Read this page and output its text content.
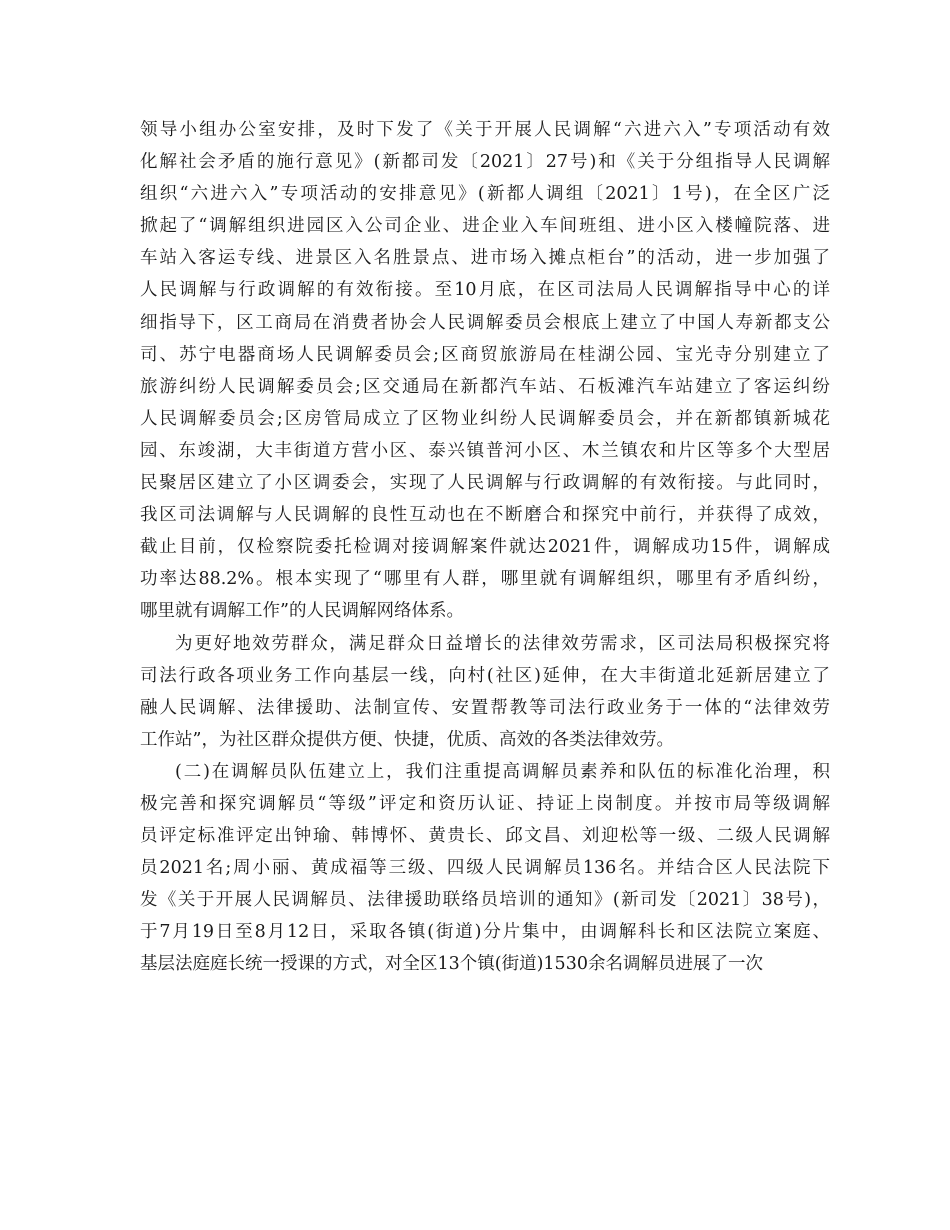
领导小组办公室安排，及时下发了《关于开展人民调解“六进六入”专项活动有效
化解社会矛盾的施行意见》(新都司发〔2021〕27号)和《关于分组指导人民调解
组织“六进六入”专项活动的安排意见》(新都人调组〔2021〕1号)，在全区广泛
掀起了“调解组织进园区入公司企业、进企业入车间班组、进小区入楼幢院落、进
车站入客运专线、进景区入名胜景点、进市场入摊点柜台”的活动，进一步加强了
人民调解与行政调解的有效衔接。至10月底，在区司法局人民调解指导中心的详
细指导下，区工商局在消费者协会人民调解委员会根底上建立了中国人寿新都支公
司、苏宁电器商场人民调解委员会;区商贸旅游局在桂湖公园、宝光寺分别建立了
旅游纠纷人民调解委员会;区交通局在新都汽车站、石板滩汽车站建立了客运纠纷
人民调解委员会;区房管局成立了区物业纠纷人民调解委员会，并在新都镇新城花
园、东竣湖，大丰街道方营小区、泰兴镇普河小区、木兰镇农和片区等多个大型居
民聚居区建立了小区调委会，实现了人民调解与行政调解的有效衔接。与此同时，
我区司法调解与人民调解的良性互动也在不断磨合和探究中前行，并获得了成效，
截止目前，仅检察院委托检调对接调解案件就达2021件，调解成功15件，调解成
功率达88.2%。根本实现了“哪里有人群，哪里就有调解组织，哪里有矛盾纠纷，
哪里就有调解工作”的人民调解网络体系。
为更好地效劳群众，满足群众日益增长的法律效劳需求，区司法局积极探究将
司法行政各项业务工作向基层一线，向村(社区)延伸，在大丰街道北延新居建立了
融人民调解、法律援助、法制宣传、安置帮教等司法行政业务于一体的“法律效劳
工作站”，为社区群众提供方便、快捷，优质、高效的各类法律效劳。
(二)在调解员队伍建立上，我们注重提高调解员素养和队伍的标准化治理，积
极完善和探究调解员“等级”评定和资历认证、持证上岗制度。并按市局等级调解
员评定标准评定出钟瑜、韩博怀、黄贵长、邱文昌、刘迎松等一级、二级人民调解
员2021名;周小丽、黄成福等三级、四级人民调解员136名。并结合区人民法院下
发《关于开展人民调解员、法律援助联络员培训的通知》(新司发〔2021〕38号)，
于7月19日至8月12日，采取各镇(街道)分片集中，由调解科长和区法院立案庭、
基层法庭庭长统一授课的方式，对全区13个镇(街道)1530余名调解员进展了一次
